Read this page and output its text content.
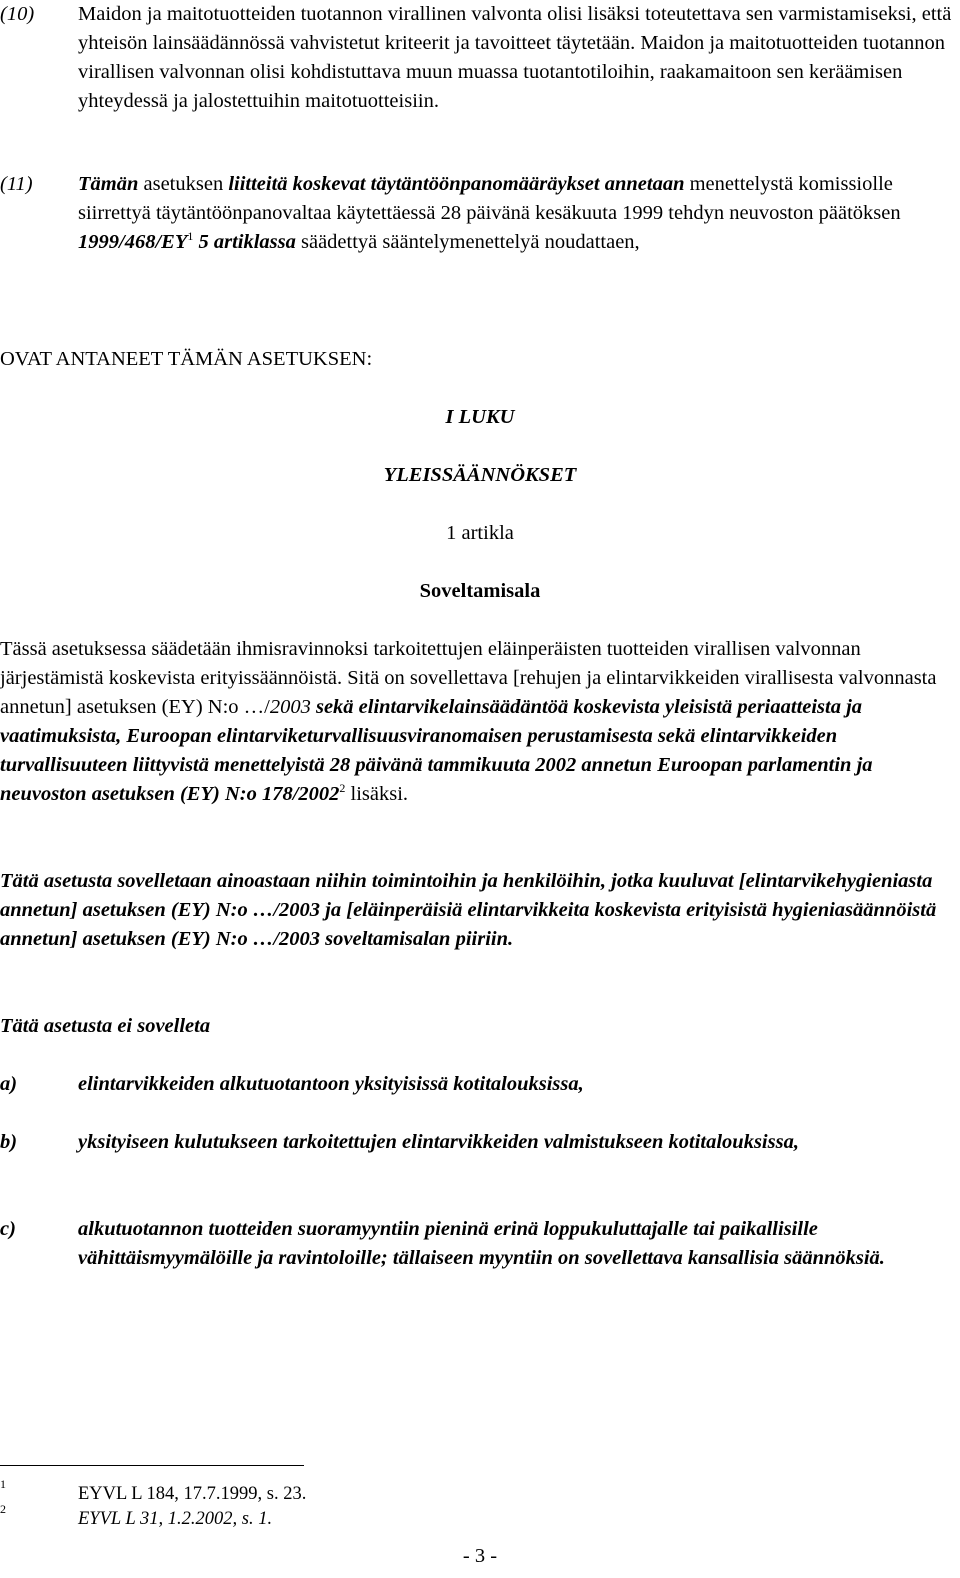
(10)	Maidon ja maitotuotteiden tuotannon virallinen valvonta olisi lisäksi toteutettava sen varmistamiseksi, että yhteisön lainsäädännössä vahvistetut kriteerit ja tavoitteet täytetään. Maidon ja maitotuotteiden tuotannon virallisen valvonnan olisi kohdistuttava muun muassa tuotantotiloihin, raakamaitoon sen keräämisen yhteydessä ja jalostettuihin maitotuotteisiin.
(11)	Tämän asetuksen liitteitä koskevat täytäntöönpanomääräykset annetaan menettelystä komissiolle siirrettyä täytäntöönpanovaltaa käytettäessä 28 päivänä kesäkuuta 1999 tehdyn neuvoston päätöksen $1999/468/EY^1$ 5 artiklassa säädettyä sääntelymenettelyä noudattaen,
OVAT ANTANEET TÄMÄN ASETUKSEN:
I LUKU
YLEISSÄÄNNÖKSET
1 artikla
Soveltamisala
Tässä asetuksessa säädetään ihmisravinnoksi tarkoitettujen eläinperäisten tuotteiden virallisen valvonnan järjestämistä koskevista erityissäännöistä. Sitä on sovellettava [rehujen ja elintarvikkeiden virallisesta valvonnasta annetun] asetuksen (EY) N:o …/2003 sekä elintarvikelainsäädäntöä koskevista yleisistä periaatteista ja vaatimuksista, Euroopan elintarviketurvallisuusviranomaisen perustamisesta sekä elintarvikkeiden turvallisuuteen liittyvistä menettelyistä 28 päivänä tammikuuta 2002 annetun Euroopan parlamentin ja neuvoston asetuksen (EY) N:o 178/2002$^2$ lisäksi.
Tätä asetusta sovelletaan ainoastaan niihin toimintoihin ja henkilöihin, jotka kuuluvat [elintarvikehygieniasta annetun] asetuksen (EY) N:o …/2003 ja [eläinperäisiä elintarvikkeita koskevista erityisistä hygieniasäännöistä annetun] asetuksen (EY) N:o …/2003 soveltamisalan piiriin.
Tätä asetusta ei sovelleta
a)	elintarvikkeiden alkutuotantoon yksityisissä kotitalouksissa,
b)	yksityiseen kulutukseen tarkoitettujen elintarvikkeiden valmistukseen kotitalouksissa,
c)	alkutuotannon tuotteiden suoramyyntiin pieninä erinä loppukuluttajalle tai paikallisille vähittäismyymälöille ja ravintoloille; tällaiseen myyntiin on sovellettava kansallisia säännöksiä.
1	EYVL L 184, 17.7.1999, s. 23.
2	EYVL L 31, 1.2.2002, s. 1.
- 3 -
